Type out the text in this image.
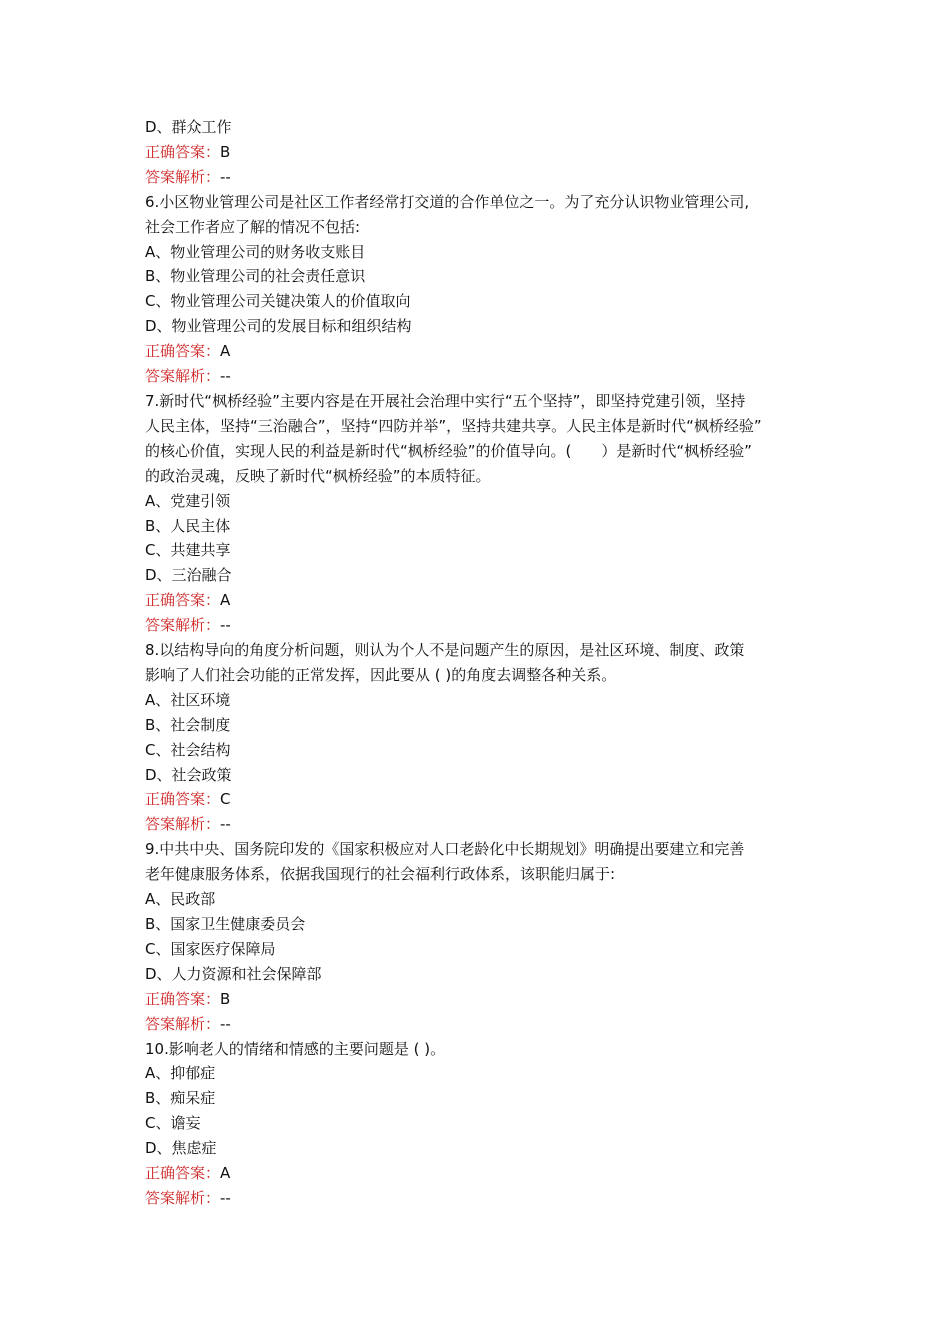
D、群众工作
正确答案：B
答案解析：--
6.小区物业管理公司是社区工作者经常打交道的合作单位之一。为了充分认识物业管理公司,
社会工作者应了解的情况不包括:
A、物业管理公司的财务收支账目
B、物业管理公司的社会责任意识
C、物业管理公司关键决策人的价值取向
D、物业管理公司的发展目标和组织结构
正确答案：A
答案解析：--
7.新时代“枫桥经验”主要内容是在开展社会治理中实行“五个坚持”，即坚持党建引领，坚持
人民主体，坚持“三治融合”，坚持“四防并举”，坚持共建共享。人民主体是新时代“枫桥经验”
的核心价值，实现人民的利益是新时代“枫桥经验”的价值导向。(　　）是新时代“枫桥经验”
的政治灵魂，反映了新时代“枫桥经验”的本质特征。
A、党建引领
B、人民主体
C、共建共享
D、三治融合
正确答案：A
答案解析：--
8.以结构导向的角度分析问题，则认为个人不是问题产生的原因，是社区环境、制度、政策
影响了人们社会功能的正常发挥，因此要从 ( )的角度去调整各种关系。
A、社区环境
B、社会制度
C、社会结构
D、社会政策
正确答案：C
答案解析：--
9.中共中央、国务院印发的《国家积极应对人口老龄化中长期规划》明确提出要建立和完善
老年健康服务体系，依据我国现行的社会福利行政体系，该职能归属于:
A、民政部
B、国家卫生健康委员会
C、国家医疗保障局
D、人力资源和社会保障部
正确答案：B
答案解析：--
10.影响老人的情绪和情感的主要问题是 ( )。
A、抑郁症
B、痴呆症
C、谵妄
D、焦虑症
正确答案：A
答案解析：--
